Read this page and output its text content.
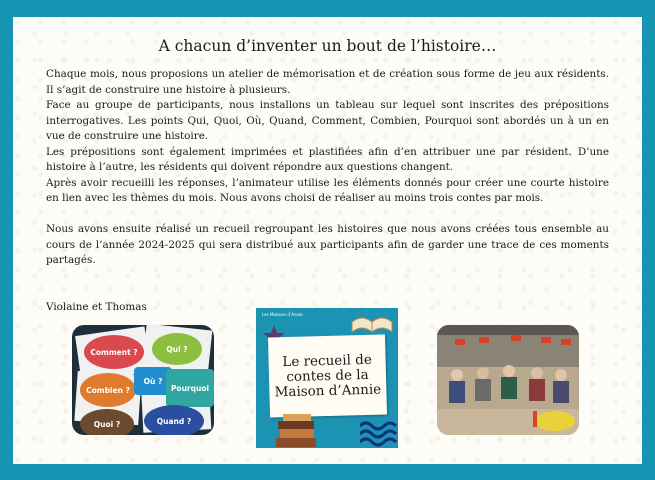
A chacun d’inventer un bout de l’histoire…

Chaque mois, nous proposions un atelier de mémorisation et de création sous forme de jeu aux résidents. Il s’agit de construire une histoire à plusieurs.

Face au groupe de participants, nous installons un tableau sur lequel sont inscrites des prépositions interrogatives. Les points Qui, Quoi, Où, Quand, Comment, Combien, Pourquoi sont abordés un à un en vue de construire une histoire.

Les prépositions sont également imprimées et plastifiées afin d’en attribuer une par résident. D’une histoire à l’autre, les résidents qui doivent répondre aux questions changent.

Après avoir recueilli les réponses, l’animateur utilise les éléments donnés pour créer une courte histoire en lien avec les thèmes du mois. Nous avons choisi de réaliser au moins trois contes par mois.

Nous avons ensuite réalisé un recueil regroupant les histoires que nous avons créées tous ensemble au cours de l’année 2024-2025 qui sera distribué aux participants afin de garder une trace de ces moments partagés.

Violaine et Thomas
Comment ?	Qui ?
Combien ?
Où ?
Pourquoi
Quoi ?	Quand ?
Les Maisons d’Annie
Le recueil de
contes de la
Maison d’Annie
